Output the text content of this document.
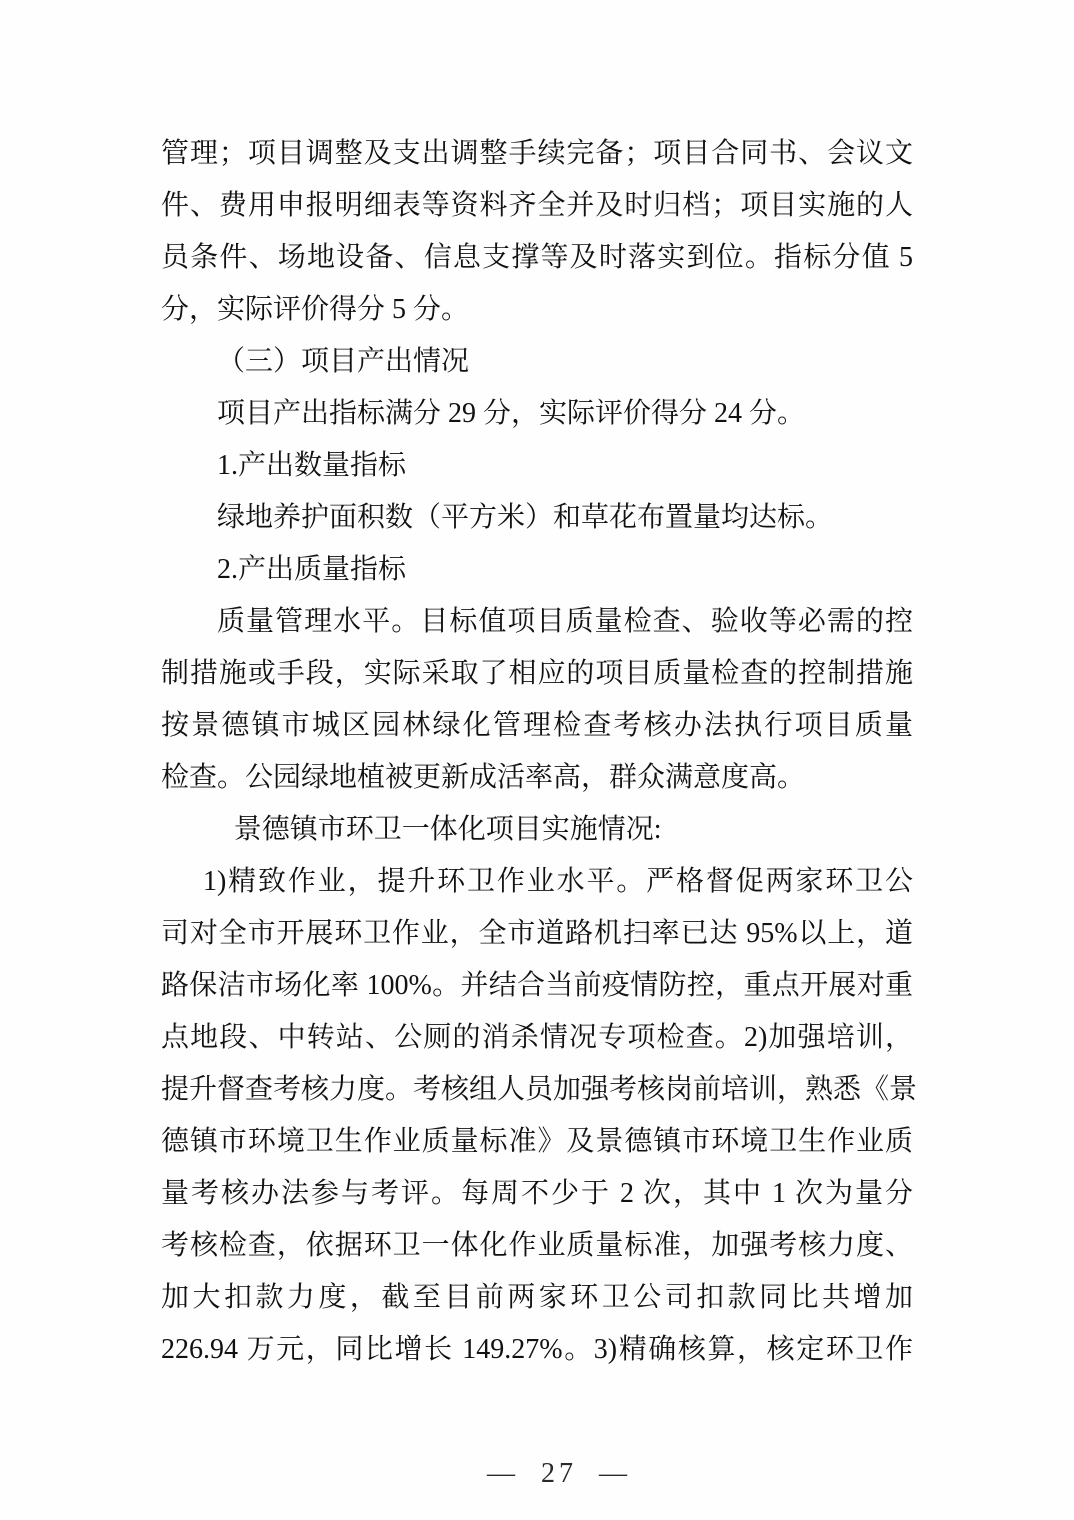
管理；项目调整及支出调整手续完备；项目合同书、会议文
件、费用申报明细表等资料齐全并及时归档；项目实施的人
员条件、场地设备、信息支撑等及时落实到位。指标分值 5
分，实际评价得分 5 分。
（三）项目产出情况
项目产出指标满分 29 分，实际评价得分 24 分。
1.产出数量指标
绿地养护面积数（平方米）和草花布置量均达标。
2.产出质量指标
质量管理水平。目标值项目质量检查、验收等必需的控
制措施或手段，实际采取了相应的项目质量检查的控制措施
按景德镇市城区园林绿化管理检查考核办法执行项目质量
检查。公园绿地植被更新成活率高，群众满意度高。
景德镇市环卫一体化项目实施情况:
1)精致作业，提升环卫作业水平。严格督促两家环卫公
司对全市开展环卫作业，全市道路机扫率已达 95%以上，道
路保洁市场化率 100%。并结合当前疫情防控，重点开展对重
点地段、中转站、公厕的消杀情况专项检查。2)加强培训，
提升督查考核力度。考核组人员加强考核岗前培训，熟悉《景
德镇市环境卫生作业质量标准》及景德镇市环境卫生作业质
量考核办法参与考评。每周不少于 2 次，其中 1 次为量分
考核检查，依据环卫一体化作业质量标准，加强考核力度、
加大扣款力度，截至目前两家环卫公司扣款同比共增加
226.94 万元，同比增长 149.27%。3)精确核算，核定环卫作

—  27  —
